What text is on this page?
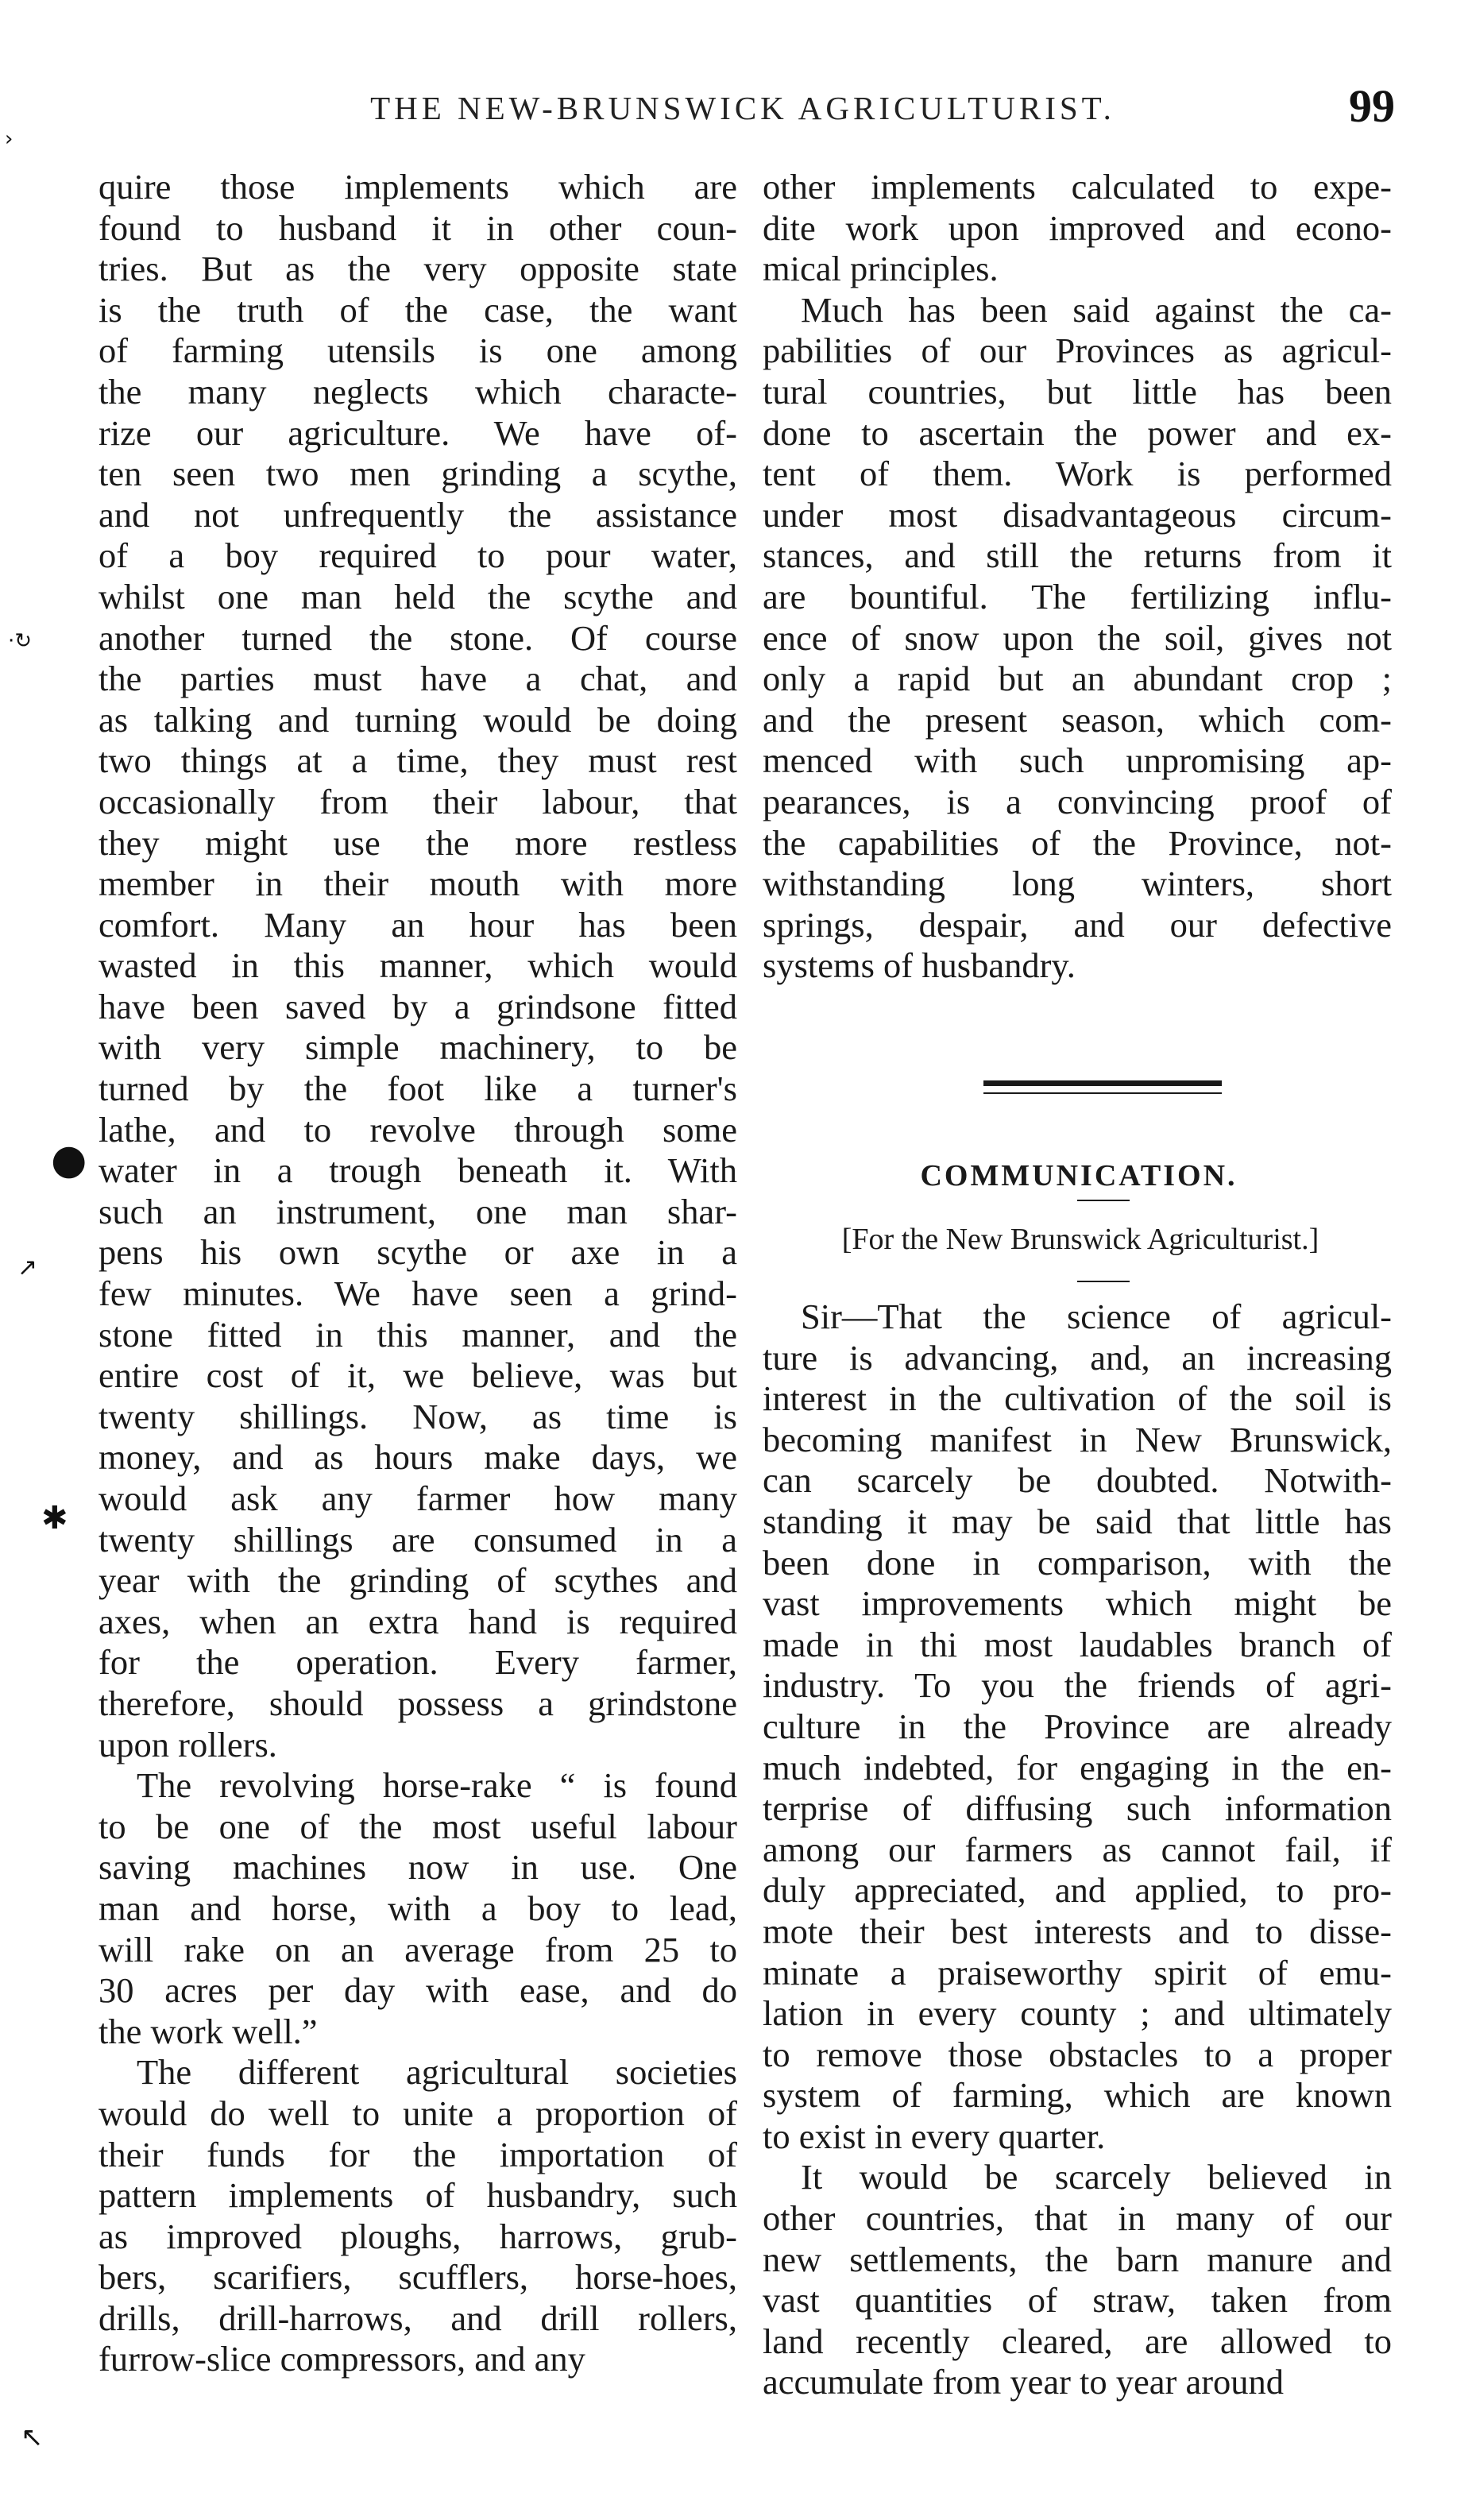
THE NEW-BRUNSWICK AGRICULTURIST.	99
quire those implements which are
found to husband it in other coun-
tries. But as the very opposite state
is the truth of the case, the want
of farming utensils is one among
the many neglects which characte-
rize our agriculture. We have of-
ten seen two men grinding a scythe,
and not unfrequently the assistance
of a boy required to pour water,
whilst one man held the scythe and
another turned the stone. Of course
the parties must have a chat, and
as talking and turning would be doing
two things at a time, they must rest
occasionally from their labour, that
they might use the more restless
member in their mouth with more
comfort. Many an hour has been
wasted in this manner, which would
have been saved by a grindsone fitted
with very simple machinery, to be
turned by the foot like a turner's
lathe, and to revolve through some
water in a trough beneath it. With
such an instrument, one man shar-
pens his own scythe or axe in a
few minutes. We have seen a grind-
stone fitted in this manner, and the
entire cost of it, we believe, was but
twenty shillings. Now, as time is
money, and as hours make days, we
would ask any farmer how many
twenty shillings are consumed in a
year with the grinding of scythes and
axes, when an extra hand is required
for the operation. Every farmer,
therefore, should possess a grindstone
upon rollers.
The revolving horse-rake “ is found
to be one of the most useful labour
saving machines now in use. One
man and horse, with a boy to lead,
will rake on an average from 25 to
30 acres per day with ease, and do
the work well.”
The different agricultural societies
would do well to unite a proportion of
their funds for the importation of
pattern implements of husbandry, such
as improved ploughs, harrows, grub-
bers, scarifiers, scufflers, horse-hoes,
drills, drill-harrows, and drill rollers,
furrow-slice compressors, and any
other implements calculated to expe-
dite work upon improved and econo-
mical principles.
Much has been said against the ca-
pabilities of our Provinces as agricul-
tural countries, but little has been
done to ascertain the power and ex-
tent of them. Work is performed
under most disadvantageous circum-
stances, and still the returns from it
are bountiful. The fertilizing influ-
ence of snow upon the soil, gives not
only a rapid but an abundant crop ;
and the present season, which com-
menced with such unpromising ap-
pearances, is a convincing proof of
the capabilities of the Province, not-
withstanding long winters, short
springs, despair, and our defective
systems of husbandry.
COMMUNICATION.
[For the New Brunswick Agriculturist.]
Sir—That the science of agricul-
ture is advancing, and, an increasing
interest in the cultivation of the soil is
becoming manifest in New Brunswick,
can scarcely be doubted. Notwith-
standing it may be said that little has
been done in comparison, with the
vast improvements which might be
made in thi most laudables branch of
industry. To you the friends of agri-
culture in the Province are already
much indebted, for engaging in the en-
terprise of diffusing such information
among our farmers as cannot fail, if
duly appreciated, and applied, to pro-
mote their best interests and to disse-
minate a praiseworthy spirit of emu-
lation in every county ; and ultimately
to remove those obstacles to a proper
system of farming, which are known
to exist in every quarter.
It would be scarcely believed in
other countries, that in many of our
new settlements, the barn manure and
vast quantities of straw, taken from
land recently cleared, are allowed to
accumulate from year to year around
›
·↻
●
↗
✱
↖
